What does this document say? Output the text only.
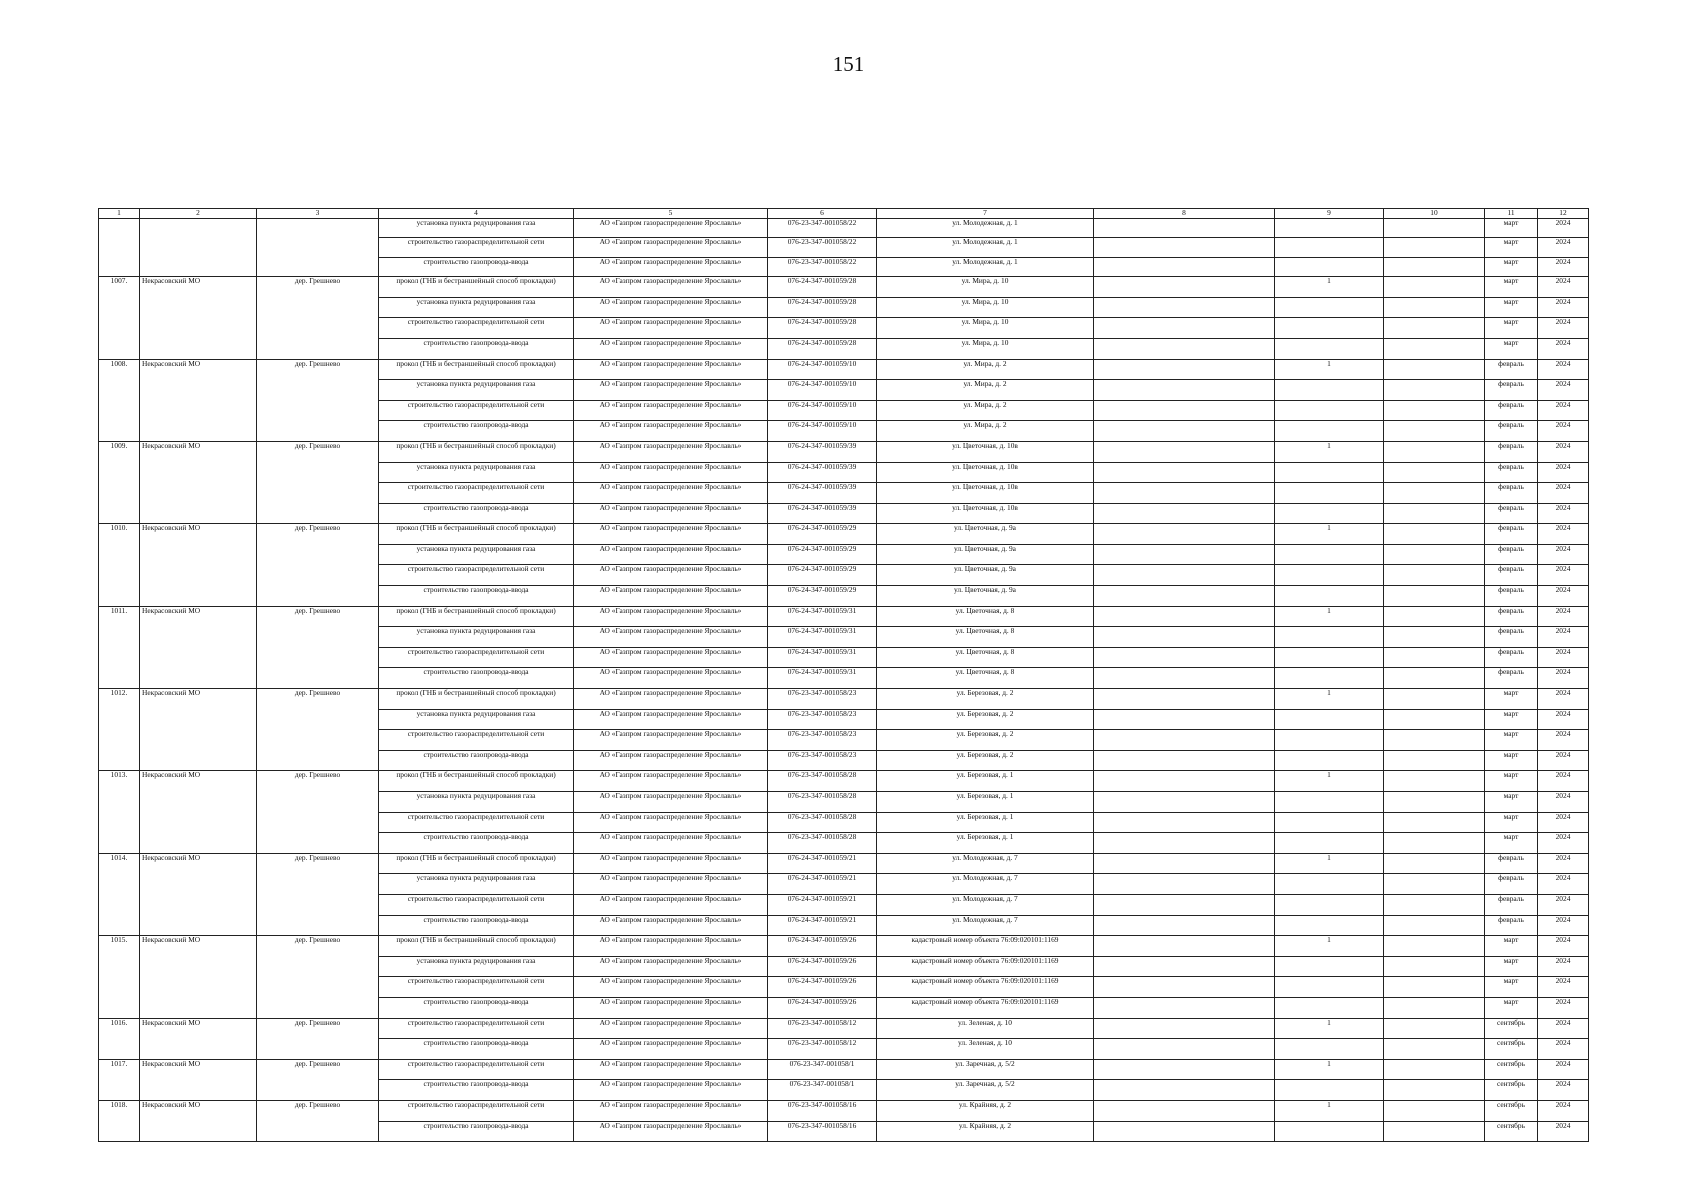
151
1	2	3	4	5	6	7	8	9	10	11	12
			установка пункта редуцирования газа	АО «Газпром газораспределение Ярославль»	076-23-347-001058/22	ул. Молодежная, д. 1				март	2024
			строительство газораспределительной сети	АО «Газпром газораспределение Ярославль»	076-23-347-001058/22	ул. Молодежная, д. 1				март	2024
			строительство газопровода-ввода	АО «Газпром газораспределение Ярославль»	076-23-347-001058/22	ул. Молодежная, д. 1				март	2024
1007.	Некрасовский МО	дер. Грешнево	прокол (ГНБ и бестраншейный способ прокладки)	АО «Газпром газораспределение Ярославль»	076-24-347-001059/28	ул. Мира, д. 10		1		март	2024
			установка пункта редуцирования газа	АО «Газпром газораспределение Ярославль»	076-24-347-001059/28	ул. Мира, д. 10				март	2024
			строительство газораспределительной сети	АО «Газпром газораспределение Ярославль»	076-24-347-001059/28	ул. Мира, д. 10				март	2024
			строительство газопровода-ввода	АО «Газпром газораспределение Ярославль»	076-24-347-001059/28	ул. Мира, д. 10				март	2024
1008.	Некрасовский МО	дер. Грешнево	прокол (ГНБ и бестраншейный способ прокладки)	АО «Газпром газораспределение Ярославль»	076-24-347-001059/10	ул. Мира, д. 2		1		февраль	2024
			установка пункта редуцирования газа	АО «Газпром газораспределение Ярославль»	076-24-347-001059/10	ул. Мира, д. 2				февраль	2024
			строительство газораспределительной сети	АО «Газпром газораспределение Ярославль»	076-24-347-001059/10	ул. Мира, д. 2				февраль	2024
			строительство газопровода-ввода	АО «Газпром газораспределение Ярославль»	076-24-347-001059/10	ул. Мира, д. 2				февраль	2024
1009.	Некрасовский МО	дер. Грешнево	прокол (ГНБ и бестраншейный способ прокладки)	АО «Газпром газораспределение Ярославль»	076-24-347-001059/39	ул. Цветочная, д. 10в		1		февраль	2024
			установка пункта редуцирования газа	АО «Газпром газораспределение Ярославль»	076-24-347-001059/39	ул. Цветочная, д. 10в				февраль	2024
			строительство газораспределительной сети	АО «Газпром газораспределение Ярославль»	076-24-347-001059/39	ул. Цветочная, д. 10в				февраль	2024
			строительство газопровода-ввода	АО «Газпром газораспределение Ярославль»	076-24-347-001059/39	ул. Цветочная, д. 10в				февраль	2024
1010.	Некрасовский МО	дер. Грешнево	прокол (ГНБ и бестраншейный способ прокладки)	АО «Газпром газораспределение Ярославль»	076-24-347-001059/29	ул. Цветочная, д. 9а		1		февраль	2024
			установка пункта редуцирования газа	АО «Газпром газораспределение Ярославль»	076-24-347-001059/29	ул. Цветочная, д. 9а				февраль	2024
			строительство газораспределительной сети	АО «Газпром газораспределение Ярославль»	076-24-347-001059/29	ул. Цветочная, д. 9а				февраль	2024
			строительство газопровода-ввода	АО «Газпром газораспределение Ярославль»	076-24-347-001059/29	ул. Цветочная, д. 9а				февраль	2024
1011.	Некрасовский МО	дер. Грешнево	прокол (ГНБ и бестраншейный способ прокладки)	АО «Газпром газораспределение Ярославль»	076-24-347-001059/31	ул. Цветочная, д. 8		1		февраль	2024
			установка пункта редуцирования газа	АО «Газпром газораспределение Ярославль»	076-24-347-001059/31	ул. Цветочная, д. 8				февраль	2024
			строительство газораспределительной сети	АО «Газпром газораспределение Ярославль»	076-24-347-001059/31	ул. Цветочная, д. 8				февраль	2024
			строительство газопровода-ввода	АО «Газпром газораспределение Ярославль»	076-24-347-001059/31	ул. Цветочная, д. 8				февраль	2024
1012.	Некрасовский МО	дер. Грешнево	прокол (ГНБ и бестраншейный способ прокладки)	АО «Газпром газораспределение Ярославль»	076-23-347-001058/23	ул. Березовая, д. 2		1		март	2024
			установка пункта редуцирования газа	АО «Газпром газораспределение Ярославль»	076-23-347-001058/23	ул. Березовая, д. 2				март	2024
			строительство газораспределительной сети	АО «Газпром газораспределение Ярославль»	076-23-347-001058/23	ул. Березовая, д. 2				март	2024
			строительство газопровода-ввода	АО «Газпром газораспределение Ярославль»	076-23-347-001058/23	ул. Березовая, д. 2				март	2024
1013.	Некрасовский МО	дер. Грешнево	прокол (ГНБ и бестраншейный способ прокладки)	АО «Газпром газораспределение Ярославль»	076-23-347-001058/28	ул. Березовая, д. 1		1		март	2024
			установка пункта редуцирования газа	АО «Газпром газораспределение Ярославль»	076-23-347-001058/28	ул. Березовая, д. 1				март	2024
			строительство газораспределительной сети	АО «Газпром газораспределение Ярославль»	076-23-347-001058/28	ул. Березовая, д. 1				март	2024
			строительство газопровода-ввода	АО «Газпром газораспределение Ярославль»	076-23-347-001058/28	ул. Березовая, д. 1				март	2024
1014.	Некрасовский МО	дер. Грешнево	прокол (ГНБ и бестраншейный способ прокладки)	АО «Газпром газораспределение Ярославль»	076-24-347-001059/21	ул. Молодежная, д. 7		1		февраль	2024
			установка пункта редуцирования газа	АО «Газпром газораспределение Ярославль»	076-24-347-001059/21	ул. Молодежная, д. 7				февраль	2024
			строительство газораспределительной сети	АО «Газпром газораспределение Ярославль»	076-24-347-001059/21	ул. Молодежная, д. 7				февраль	2024
			строительство газопровода-ввода	АО «Газпром газораспределение Ярославль»	076-24-347-001059/21	ул. Молодежная, д. 7				февраль	2024
1015.	Некрасовский МО	дер. Грешнево	прокол (ГНБ и бестраншейный способ прокладки)	АО «Газпром газораспределение Ярославль»	076-24-347-001059/26	кадастровый номер объекта 76:09:020101:1169		1		март	2024
			установка пункта редуцирования газа	АО «Газпром газораспределение Ярославль»	076-24-347-001059/26	кадастровый номер объекта 76:09:020101:1169				март	2024
			строительство газораспределительной сети	АО «Газпром газораспределение Ярославль»	076-24-347-001059/26	кадастровый номер объекта 76:09:020101:1169				март	2024
			строительство газопровода-ввода	АО «Газпром газораспределение Ярославль»	076-24-347-001059/26	кадастровый номер объекта 76:09:020101:1169				март	2024
1016.	Некрасовский МО	дер. Грешнево	строительство газораспределительной сети	АО «Газпром газораспределение Ярославль»	076-23-347-001058/12	ул. Зеленая, д. 10		1		сентябрь	2024
			строительство газопровода-ввода	АО «Газпром газораспределение Ярославль»	076-23-347-001058/12	ул. Зеленая, д. 10				сентябрь	2024
1017.	Некрасовский МО	дер. Грешнево	строительство газораспределительной сети	АО «Газпром газораспределение Ярославль»	076-23-347-001058/1	ул. Заречная, д. 5/2		1		сентябрь	2024
			строительство газопровода-ввода	АО «Газпром газораспределение Ярославль»	076-23-347-001058/1	ул. Заречная, д. 5/2				сентябрь	2024
1018.	Некрасовский МО	дер. Грешнево	строительство газораспределительной сети	АО «Газпром газораспределение Ярославль»	076-23-347-001058/16	ул. Крайняя, д. 2		1		сентябрь	2024
			строительство газопровода-ввода	АО «Газпром газораспределение Ярославль»	076-23-347-001058/16	ул. Крайняя, д. 2				сентябрь	2024
